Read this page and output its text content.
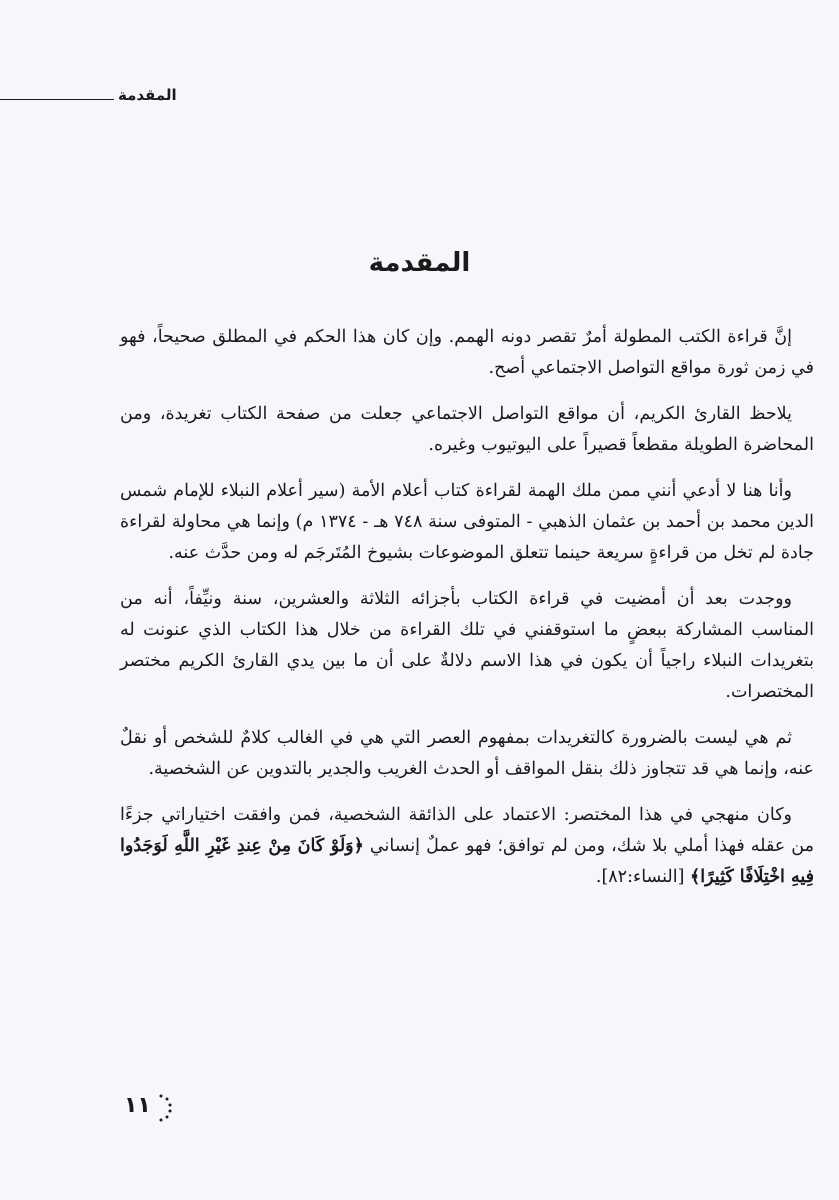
المقدمة
المقدمة

إنَّ قراءة الكتب المطولة أمرٌ تقصر دونه الهمم. وإن كان هذا الحكم في المطلق صحيحاً، فهو في زمن ثورة مواقع التواصل الاجتماعي أصح.

يلاحظ القارئ الكريم، أن مواقع التواصل الاجتماعي جعلت من صفحة الكتاب تغريدة، ومن المحاضرة الطويلة مقطعاً قصيراً على اليوتيوب وغيره.

وأنا هنا لا أدعي أنني ممن ملك الهمة لقراءة كتاب أعلام الأمة (سير أعلام النبلاء للإمام شمس الدين محمد بن أحمد بن عثمان الذهبي - المتوفى سنة ٧٤٨ هـ - ١٣٧٤ م) وإنما هي محاولة لقراءة جادة لم تخل من قراءةٍ سريعة حينما تتعلق الموضوعات بشيوخ المُتَرجَم له ومن حدَّث عنه.

ووجدت بعد أن أمضيت في قراءة الكتاب بأجزائه الثلاثة والعشرين، سنة ونيِّفاً، أنه من المناسب المشاركة ببعضٍ ما استوقفني في تلك القراءة من خلال هذا الكتاب الذي عنونت له بتغريدات النبلاء راجياً أن يكون في هذا الاسم دلالةٌ على أن ما بين يدي القارئ الكريم مختصر المختصرات.

ثم هي ليست بالضرورة كالتغريدات بمفهوم العصر التي هي في الغالب كلامٌ للشخص أو نقلٌ عنه، وإنما هي قد تتجاوز ذلك بنقل المواقف أو الحدث الغريب والجدير بالتدوين عن الشخصية.

وكان منهجي في هذا المختصر: الاعتماد على الذائقة الشخصية، فمن وافقت اختياراتي جزءًا من عقله فهذا أملي بلا شك، ومن لم توافق؛ فهو عملٌ إنساني ﴿وَلَوْ كَانَ مِنْ عِندِ غَيْرِ اللَّهِ لَوَجَدُوا فِيهِ اخْتِلَافًا كَثِيرًا﴾ [النساء:٨٢].

١١
